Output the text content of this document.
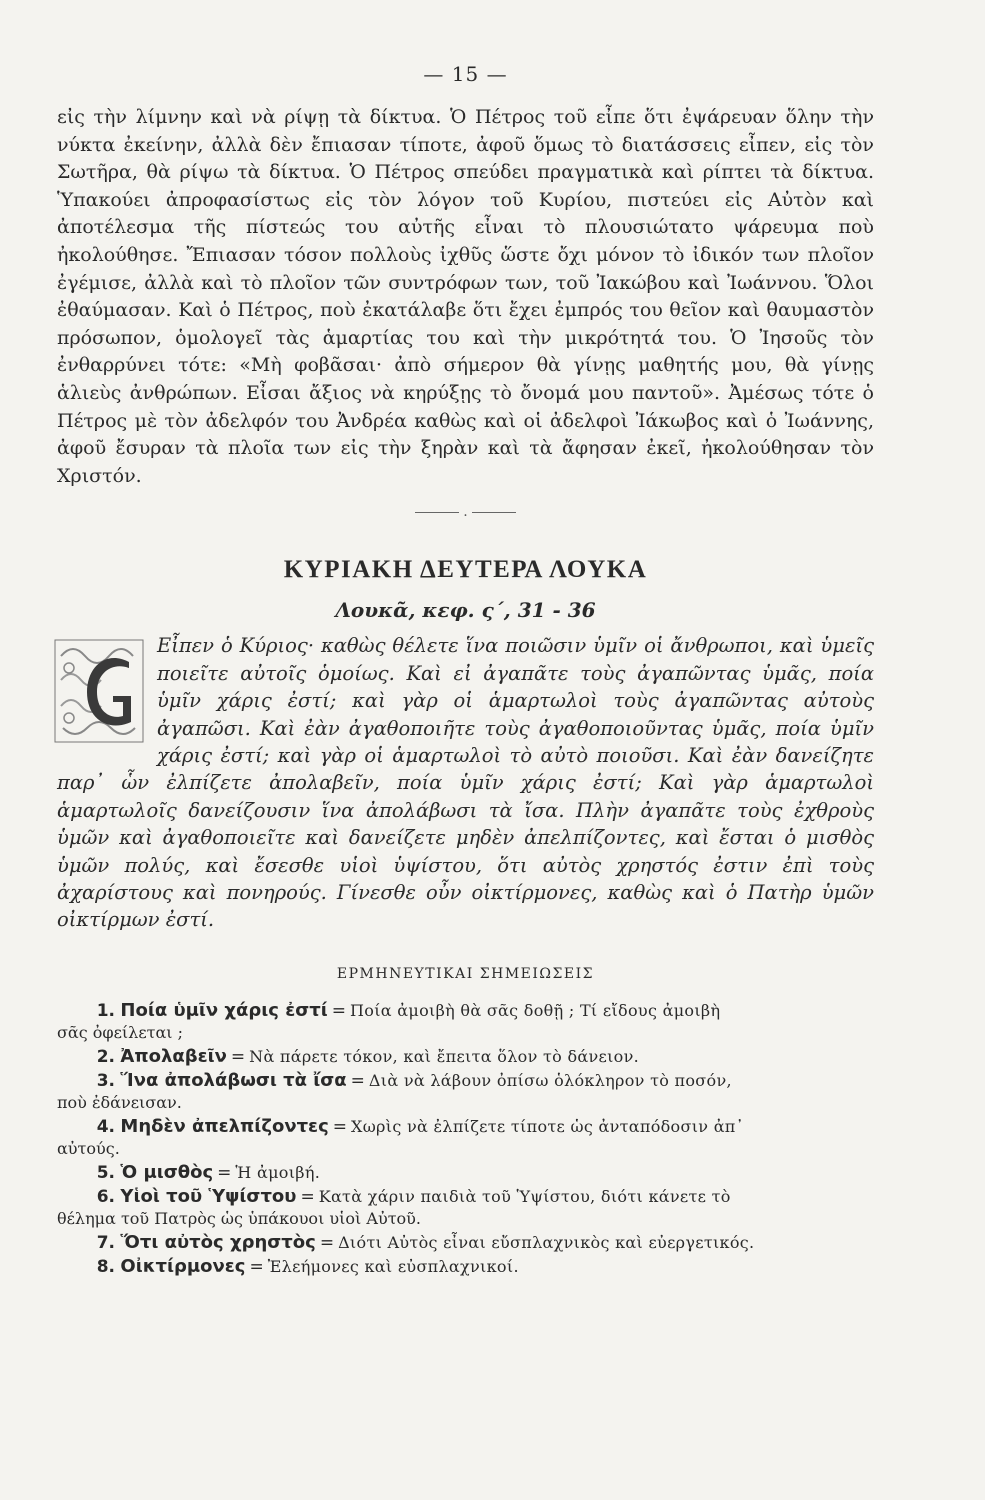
— 15 —

εἰς τὴν λίμνην καὶ νὰ ρίψῃ τὰ δίκτυα. Ὁ Πέτρος τοῦ εἶπε ὅτι ἐψάρευαν ὅλην τὴν νύκτα ἐκείνην, ἀλλὰ δὲν ἔπιασαν τίποτε, ἀφοῦ ὅμως τὸ διατάσσεις εἶπεν, εἰς τὸν Σωτῆρα, θὰ ρίψω τὰ δίκτυα. Ὁ Πέτρος σπεύδει πραγματικὰ καὶ ρίπτει τὰ δίκτυα. Ὑπακούει ἀπροφασίστως εἰς τὸν λόγον τοῦ Κυρίου, πιστεύει εἰς Αὐτὸν καὶ ἀποτέλεσμα τῆς πίστεώς του αὐτῆς εἶναι τὸ πλουσιώτατο ψάρευμα ποὺ ἠκολούθησε. Ἔπιασαν τόσον πολλοὺς ἰχθῦς ὥστε ὄχι μόνον τὸ ἰδικόν των πλοῖον ἐγέμισε, ἀλλὰ καὶ τὸ πλοῖον τῶν συντρόφων των, τοῦ Ἰακώβου καὶ Ἰωάννου. Ὅλοι ἐθαύμασαν. Καὶ ὁ Πέτρος, ποὺ ἐκατάλαβε ὅτι ἔχει ἐμπρός του θεῖον καὶ θαυμαστὸν πρόσωπον, ὁμολογεῖ τὰς ἁμαρτίας του καὶ τὴν μικρότητά του. Ὁ Ἰησοῦς τὸν ἐνθαρρύνει τότε: «Μὴ φοβᾶσαι· ἀπὸ σήμερον θὰ γίνῃς μαθητής μου, θὰ γίνῃς ἁλιεὺς ἀνθρώπων. Εἶσαι ἄξιος νὰ κηρύξῃς τὸ ὄνομά μου παντοῦ». Ἀμέσως τότε ὁ Πέτρος μὲ τὸν ἀδελφόν του Ἀνδρέα καθὼς καὶ οἱ ἀδελφοὶ Ἰάκωβος καὶ ὁ Ἰωάννης, ἀφοῦ ἔσυραν τὰ πλοῖα των εἰς τὴν ξηρὰν καὶ τὰ ἄφησαν ἐκεῖ, ἠκολούθησαν τὸν Χριστόν.

.
ΚΥΡΙΑΚΗ ΔΕΥΤΕΡΑ ΛΟΥΚΑ
Λουκᾶ, κεφ. ς΄, 31 - 36

Εἶπεν ὁ Κύριος· καθὼς θέλετε ἵνα ποιῶσιν ὑμῖν οἱ ἄνθρωποι, καὶ ὑμεῖς ποιεῖτε αὐτοῖς ὁμοίως. Καὶ εἰ ἀγαπᾶτε τοὺς ἀγαπῶντας ὑμᾶς, ποία ὑμῖν χάρις ἐστί; καὶ γὰρ οἱ ἁμαρτωλοὶ τοὺς ἀγαπῶντας αὐτοὺς ἀγαπῶσι. Καὶ ἐὰν ἀγαθοποιῆτε τοὺς ἀγαθοποιοῦντας ὑμᾶς, ποία ὑμῖν χάρις ἐστί; καὶ γὰρ οἱ ἁμαρτωλοὶ τὸ αὐτὸ ποιοῦσι. Καὶ ἐὰν δανείζητε παρ᾽ ὧν ἐλπίζετε ἀπολαβεῖν, ποία ὑμῖν χάρις ἐστί; Καὶ γὰρ ἁμαρτωλοὶ ἁμαρτωλοῖς δανείζουσιν ἵνα ἀπολάβωσι τὰ ἴσα. Πλὴν ἀγαπᾶτε τοὺς ἐχθροὺς ὑμῶν καὶ ἀγαθοποιεῖτε καὶ δανείζετε μηδὲν ἀπελπίζοντες, καὶ ἔσται ὁ μισθὸς ὑμῶν πολύς, καὶ ἔσεσθε υἱοὶ ὑψίστου, ὅτι αὐτὸς χρηστός ἐστιν ἐπὶ τοὺς ἀχαρίστους καὶ πονηρούς. Γίνεσθε οὖν οἰκτίρμονες, καθὼς καὶ ὁ Πατὴρ ὑμῶν οἰκτίρμων ἐστί.

ΕΡΜΗΝΕΥΤΙΚΑΙ ΣΗΜΕΙΩΣΕΙΣ
1. Ποία ὑμῖν χάρις ἐστί = Ποία ἀμοιβὴ θὰ σᾶς δοθῇ ; Τί εἴδους ἀμοιβὴ
σᾶς ὀφείλεται ;
2. Ἀπολαβεῖν = Νὰ πάρετε τόκον, καὶ ἔπειτα ὅλον τὸ δάνειον.
3. Ἵνα ἀπολάβωσι τὰ ἴσα = Διὰ νὰ λάβουν ὀπίσω ὁλόκληρον τὸ ποσόν,
ποὺ ἐδάνεισαν.
4. Μηδὲν ἀπελπίζοντες = Χωρὶς νὰ ἐλπίζετε τίποτε ὡς ἀνταπόδοσιν ἀπ᾽
αὐτούς.
5. Ὁ μισθὸς = Ἡ ἀμοιβή.
6. Υἱοὶ τοῦ Ὑψίστου = Κατὰ χάριν παιδιὰ τοῦ Ὑψίστου, διότι κάνετε τὸ
θέλημα τοῦ Πατρὸς ὡς ὑπάκουοι υἱοὶ Αὐτοῦ.
7. Ὅτι αὐτὸς χρηστὸς = Διότι Αὐτὸς εἶναι εὔσπλαχνικὸς καὶ εὐεργετικός.
8. Οἰκτίρμονες = Ἐλεήμονες καὶ εὐσπλαχνικοί.
